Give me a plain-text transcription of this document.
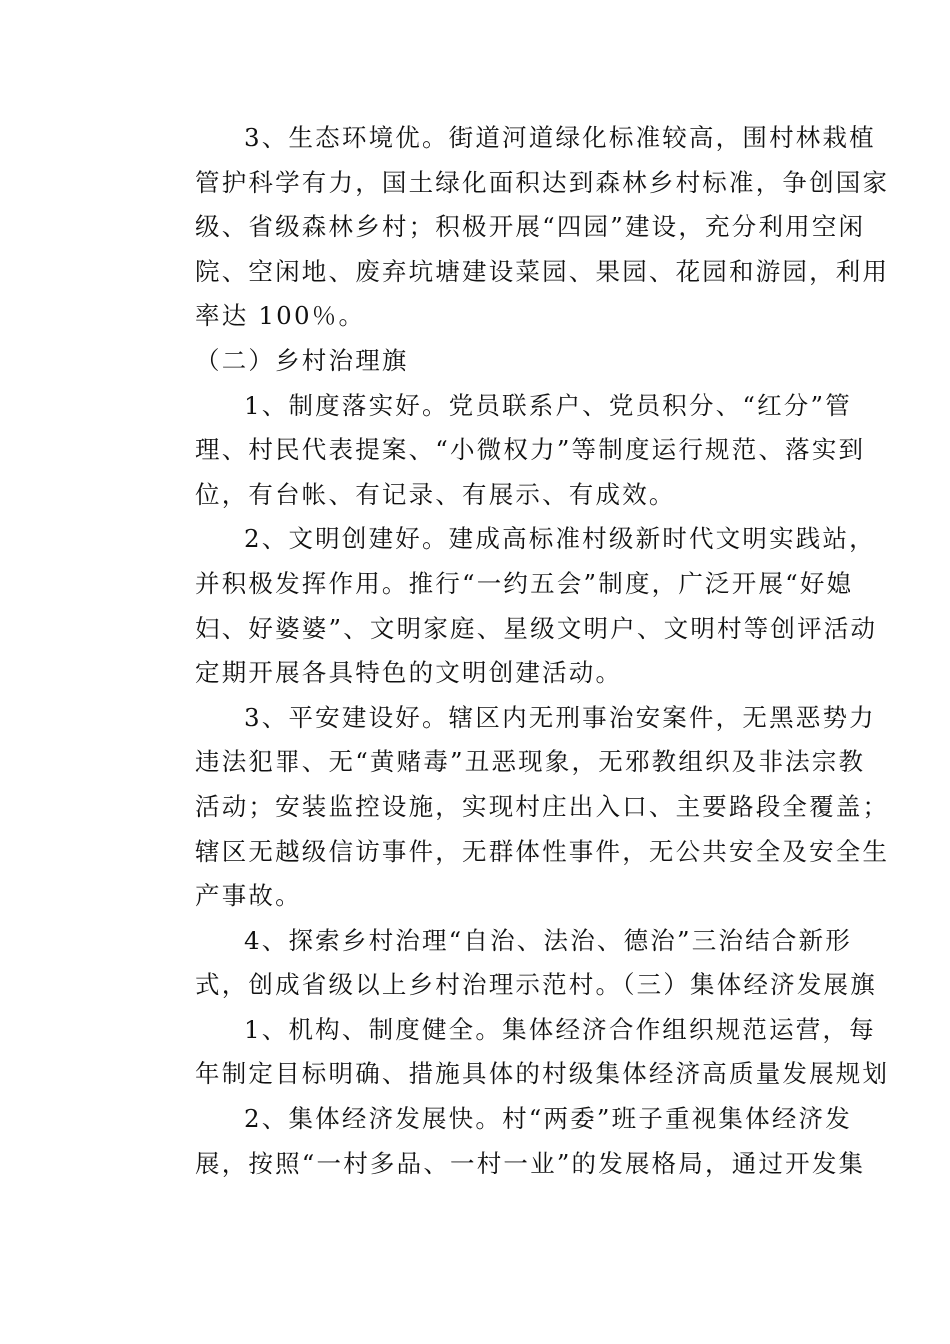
3、生态环境优。街道河道绿化标准较高，围村林栽植
管护科学有力，国土绿化面积达到森林乡村标准，争创国家
级、省级森林乡村；积极开展“四园”建设，充分利用空闲
院、空闲地、废弃坑塘建设菜园、果园、花园和游园，利用
率达 100％。
（二）乡村治理旗
1、制度落实好。党员联系户、党员积分、“红分”管
理、村民代表提案、“小微权力”等制度运行规范、落实到
位，有台帐、有记录、有展示、有成效。
2、文明创建好。建成高标准村级新时代文明实践站，
并积极发挥作用。推行“一约五会”制度，广泛开展“好媳
妇、好婆婆”、文明家庭、星级文明户、文明村等创评活动
定期开展各具特色的文明创建活动。
3、平安建设好。辖区内无刑事治安案件，无黑恶势力
违法犯罪、无“黄赌毒”丑恶现象，无邪教组织及非法宗教
活动；安装监控设施，实现村庄出入口、主要路段全覆盖；
辖区无越级信访事件，无群体性事件，无公共安全及安全生
产事故。
4、探索乡村治理“自治、法治、德治”三治结合新形
式，创成省级以上乡村治理示范村。（三）集体经济发展旗
1、机构、制度健全。集体经济合作组织规范运营，每
年制定目标明确、措施具体的村级集体经济高质量发展规划
2、集体经济发展快。村“两委”班子重视集体经济发
展，按照“一村多品、一村一业”的发展格局，通过开发集
